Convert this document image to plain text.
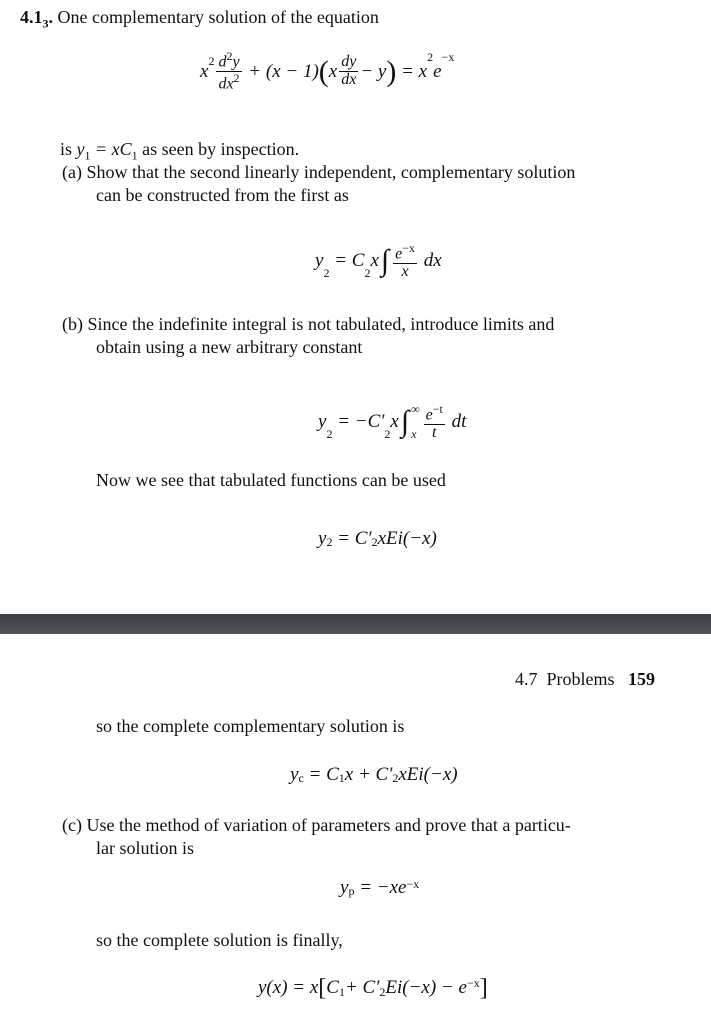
$4.1_3$. One complementary solution of the equation
$x^2 \frac{d^2y}{dx^2}$
+ (x − 1) ( x $\frac{dy}{dx} - y$ )
= x
$^2$
e
$^{-x}$
is $y_1 = xC_1$ as seen by inspection.
(a) Show that the second linearly independent, complementary solution
can be constructed from the first as
y
$_2$

= C
$_2$
x ∫ $\frac{e^{-x}}{x}$
dx
(b) Since the indefinite integral is not tabulated, introduce limits and
obtain using a new arbitrary constant
y
$_2$

= −C′
$_2$
x ∫ ∞
x $\frac{e^{-t}}{t}$
dt
Now we see that tabulated functions can be used
y 2
= C′ 2 xEi(−x)
4.7 Problems 159
so the complete complementary solution is
y c
= C 1 x + C′ 2 xEi(−x)
(c) Use the method of variation of parameters and prove that a particu-
lar solution is
y p
= −xe −x
so the complete solution is finally,
y(x) = x [ $C_1 + C'_2$ $Ei(-x) - e^{-x}$ ]
